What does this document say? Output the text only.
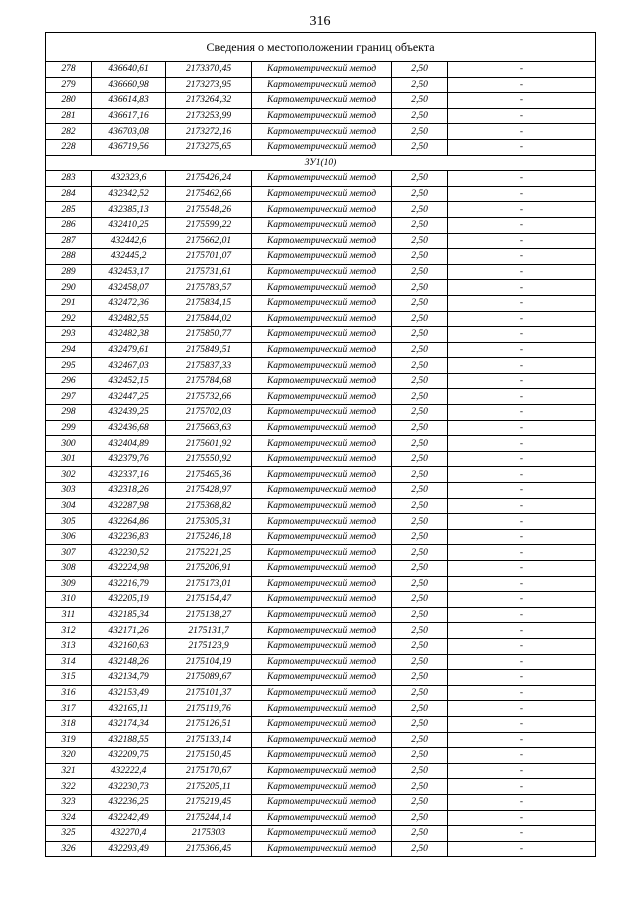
316
Сведения о местоположении границ объекта					
278	436640,61	2173370,45	Картометрический метод	2,50	-
279	436660,98	2173273,95	Картометрический метод	2,50	-
280	436614,83	2173264,32	Картометрический метод	2,50	-
281	436617,16	2173253,99	Картометрический метод	2,50	-
282	436703,08	2173272,16	Картометрический метод	2,50	-
228	436719,56	2173275,65	Картометрический метод	2,50	-
ЗУ1(10)					
283	432323,6	2175426,24	Картометрический метод	2,50	-
284	432342,52	2175462,66	Картометрический метод	2,50	-
285	432385,13	2175548,26	Картометрический метод	2,50	-
286	432410,25	2175599,22	Картометрический метод	2,50	-
287	432442,6	2175662,01	Картометрический метод	2,50	-
288	432445,2	2175701,07	Картометрический метод	2,50	-
289	432453,17	2175731,61	Картометрический метод	2,50	-
290	432458,07	2175783,57	Картометрический метод	2,50	-
291	432472,36	2175834,15	Картометрический метод	2,50	-
292	432482,55	2175844,02	Картометрический метод	2,50	-
293	432482,38	2175850,77	Картометрический метод	2,50	-
294	432479,61	2175849,51	Картометрический метод	2,50	-
295	432467,03	2175837,33	Картометрический метод	2,50	-
296	432452,15	2175784,68	Картометрический метод	2,50	-
297	432447,25	2175732,66	Картометрический метод	2,50	-
298	432439,25	2175702,03	Картометрический метод	2,50	-
299	432436,68	2175663,63	Картометрический метод	2,50	-
300	432404,89	2175601,92	Картометрический метод	2,50	-
301	432379,76	2175550,92	Картометрический метод	2,50	-
302	432337,16	2175465,36	Картометрический метод	2,50	-
303	432318,26	2175428,97	Картометрический метод	2,50	-
304	432287,98	2175368,82	Картометрический метод	2,50	-
305	432264,86	2175305,31	Картометрический метод	2,50	-
306	432236,83	2175246,18	Картометрический метод	2,50	-
307	432230,52	2175221,25	Картометрический метод	2,50	-
308	432224,98	2175206,91	Картометрический метод	2,50	-
309	432216,79	2175173,01	Картометрический метод	2,50	-
310	432205,19	2175154,47	Картометрический метод	2,50	-
311	432185,34	2175138,27	Картометрический метод	2,50	-
312	432171,26	2175131,7	Картометрический метод	2,50	-
313	432160,63	2175123,9	Картометрический метод	2,50	-
314	432148,26	2175104,19	Картометрический метод	2,50	-
315	432134,79	2175089,67	Картометрический метод	2,50	-
316	432153,49	2175101,37	Картометрический метод	2,50	-
317	432165,11	2175119,76	Картометрический метод	2,50	-
318	432174,34	2175126,51	Картометрический метод	2,50	-
319	432188,55	2175133,14	Картометрический метод	2,50	-
320	432209,75	2175150,45	Картометрический метод	2,50	-
321	432222,4	2175170,67	Картометрический метод	2,50	-
322	432230,73	2175205,11	Картометрический метод	2,50	-
323	432236,25	2175219,45	Картометрический метод	2,50	-
324	432242,49	2175244,14	Картометрический метод	2,50	-
325	432270,4	2175303	Картометрический метод	2,50	-
326	432293,49	2175366,45	Картометрический метод	2,50	-
